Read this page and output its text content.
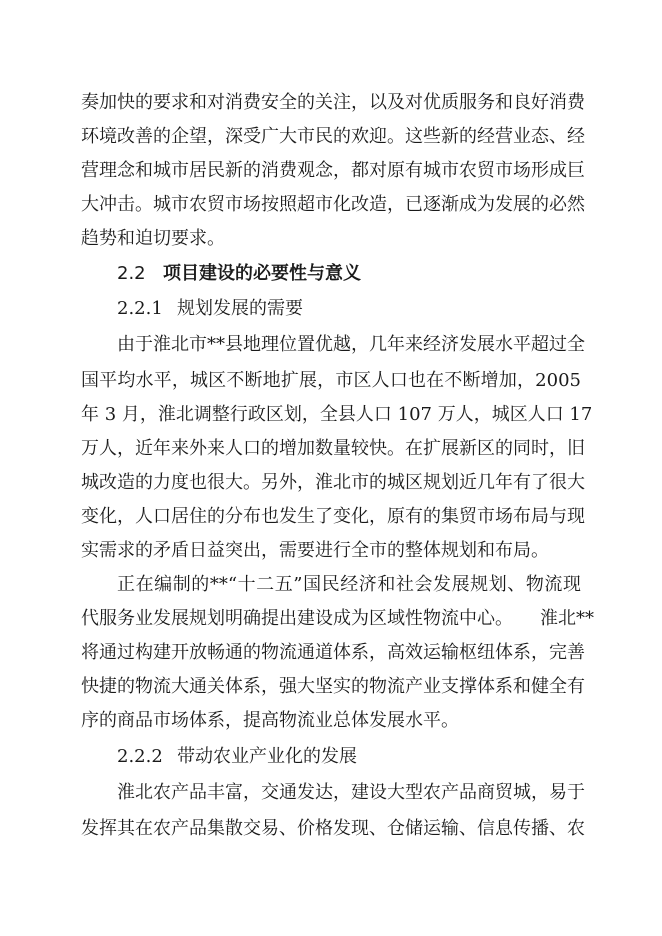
奏加快的要求和对消费安全的关注，以及对优质服务和良好消费
环境改善的企望，深受广大市民的欢迎。这些新的经营业态、经
营理念和城市居民新的消费观念，都对原有城市农贸市场形成巨
大冲击。城市农贸市场按照超市化改造，已逐渐成为发展的必然
趋势和迫切要求。
2.2 项目建设的必要性与意义
2.2.1 规划发展的需要
由于淮北市**县地理位置优越，几年来经济发展水平超过全
国平均水平，城区不断地扩展，市区人口也在不断增加，2005
年 3 月，淮北调整行政区划，全县人口 107 万人，城区人口 17
万人，近年来外来人口的增加数量较快。在扩展新区的同时，旧
城改造的力度也很大。另外，淮北市的城区规划近几年有了很大
变化，人口居住的分布也发生了变化，原有的集贸市场布局与现
实需求的矛盾日益突出，需要进行全市的整体规划和布局。
正在编制的**“十二五”国民经济和社会发展规划、物流现
代服务业发展规划明确提出建设成为区域性物流中心。　　淮北**
将通过构建开放畅通的物流通道体系，高效运输枢纽体系，完善
快捷的物流大通关体系，强大坚实的物流产业支撑体系和健全有
序的商品市场体系，提高物流业总体发展水平。
2.2.2 带动农业产业化的发展
淮北农产品丰富，交通发达，建设大型农产品商贸城，易于
发挥其在农产品集散交易、价格发现、仓储运输、信息传播、农
